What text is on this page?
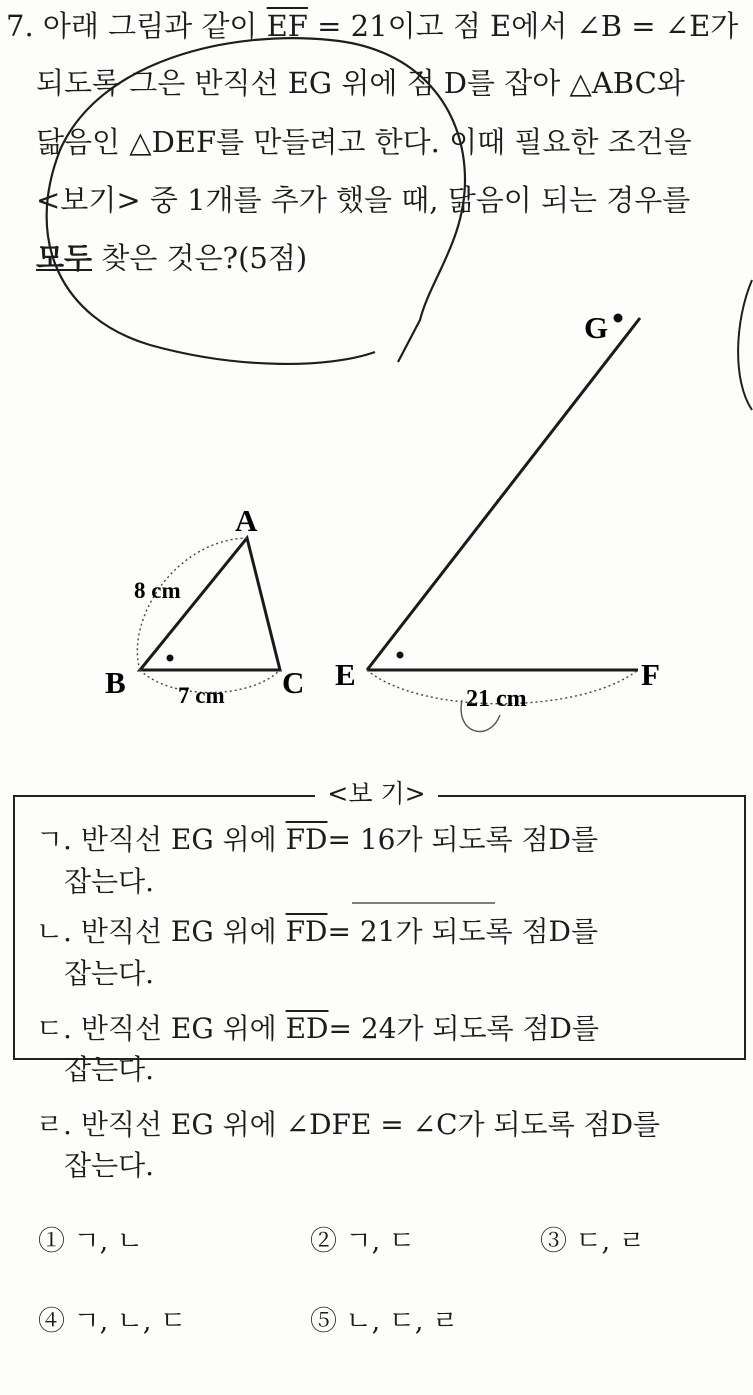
7. 아래 그림과 같이 $\overline{EF} = 21$이고 점 E에서 ∠B = ∠E가
되도록 그은 반직선 EG 위에 점 D를 잡아 △ABC와
닮음인 △DEF를 만들려고 한다. 이때 필요한 조건을
<보기> 중 1개를 추가 했을 때, 닮음이 되는 경우를
모두 찾은 것은?(5점)
A
B	C E	F
G
8 cm
7 cm	21 cm
<보 기>
ㄱ. 반직선 EG 위에 $\overline{FD}= 16$가 되도록 점D를
잡는다.
ㄴ. 반직선 EG 위에 $\overline{FD}= 21$가 되도록 점D를
잡는다.
ㄷ. 반직선 EG 위에 $\overline{ED}= 24$가 되도록 점D를
잡는다.
ㄹ. 반직선 EG 위에 ∠DFE = ∠C가 되도록 점D를
잡는다.
① ㄱ, ㄴ	② ㄱ, ㄷ	③ ㄷ, ㄹ
④ ㄱ, ㄴ, ㄷ	⑤ ㄴ, ㄷ, ㄹ
